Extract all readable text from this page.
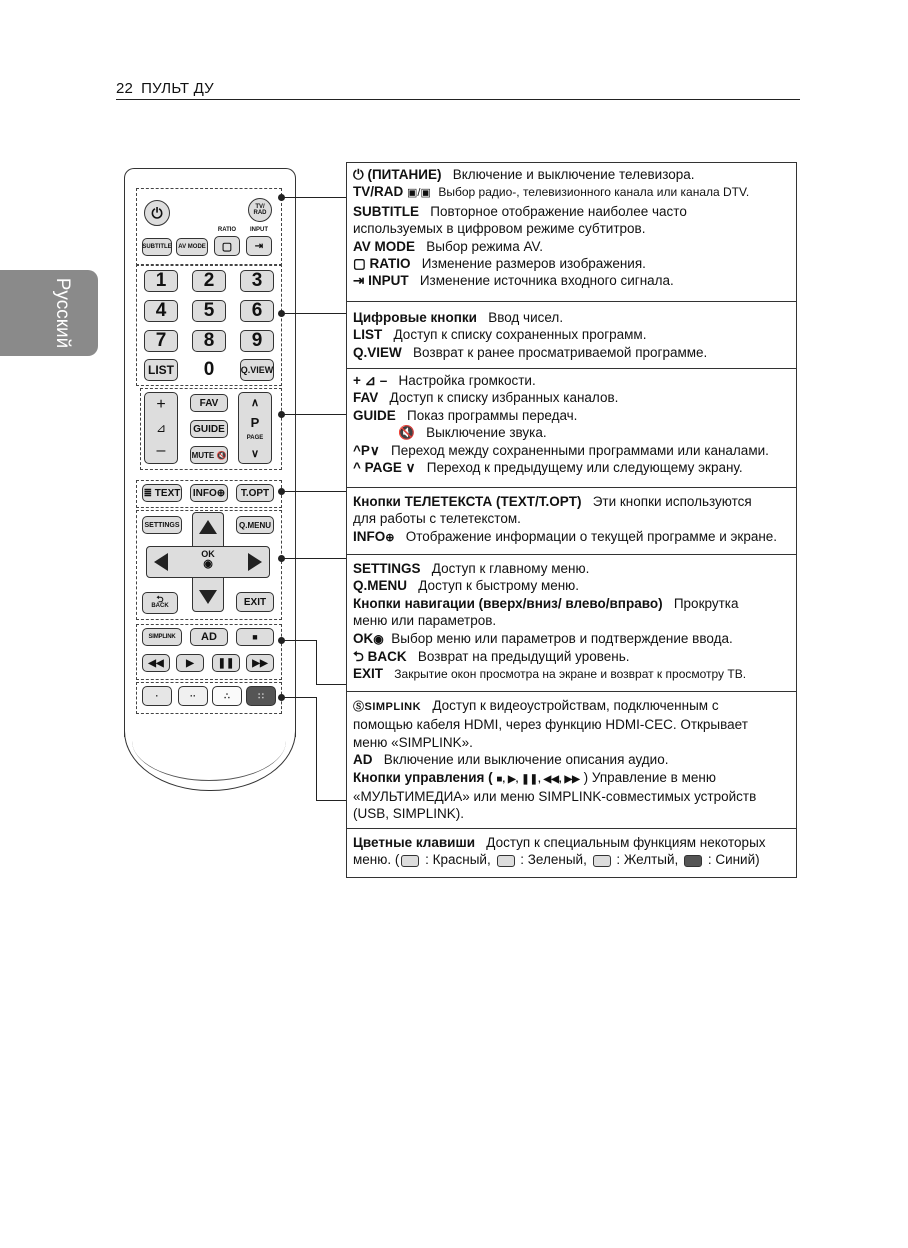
22 ПУЛЬТ ДУ
Русский
⏻	TV/
RAD
SUBTITLE	AV MODE
RATIO
▢
INPUT
⇥
1	2	3
4	5	6
7	8	9
LIST	0	Q.VIEW
+
⊿
–
FAV
GUIDE
MUTE 🔇
∧
P
PAGE
∨
≣ TEXT INFO ⊕	T.OPT
SETTINGS	Q.MENU
OK
◉
⮌
BACK	EXIT
SIMPLINK	AD	■
◀◀ ▶ ❚❚ ▶▶
·	··	∴	∷
⏻ (ПИТАНИЕ) Включение и выключение телевизора.
TV/RAD ▣/▣ Выбор радио-, телевизионного канала или канала DTV.
SUBTITLE Повторное отображение наиболее часто
используемых в цифровом режиме субтитров.
AV MODE Выбор режима AV.
▢ RATIO Изменение размеров изображения.
⇥ INPUT Изменение источника входного сигнала.
Цифровые кнопки Ввод чисел.
LIST Доступ к списку сохраненных программ.
Q.VIEW Возврат к ранее просматриваемой программе.
+ ⊿ – Настройка громкости.
FAV Доступ к списку избранных каналов.
GUIDE Показ программы передач.
🔇 Выключение звука.
^P∨ Переход между сохраненными программами или каналами.
^ PAGE ∨ Переход к предыдущему или следующему экрану.
Кнопки ТЕЛЕТЕКСТА (TEXT/T.OPT) Эти кнопки используются
для работы с телетекстом.
INFO⊕ Отображение информации о текущей программе и экране.
SETTINGS Доступ к главному меню.
Q.MENU Доступ к быстрому меню.
Кнопки навигации (вверх/вниз/ влево/вправо) Прокрутка
меню или параметров.
OK◉ Выбор меню или параметров и подтверждение ввода.
⮌ BACK Возврат на предыдущий уровень.
EXIT Закрытие окон просмотра на экране и возврат к просмотру ТВ.
ⓈSIMPLINK Доступ к видеоустройствам, подключенным с
помощью кабеля HDMI, через функцию HDMI-CEC. Открывает
меню «SIMPLINK».
AD Включение или выключение описания аудио.
Кнопки управления ( ■, ▶, ❚❚, ◀◀, ▶▶ ) Управление в меню
«МУЛЬТИМЕДИА» или меню SIMPLINK-совместимых устройств
(USB, SIMPLINK).
Цветные клавиши Доступ к специальным функциям некоторых
меню. ( : Красный, : Зеленый, : Желтый, : Синий)
